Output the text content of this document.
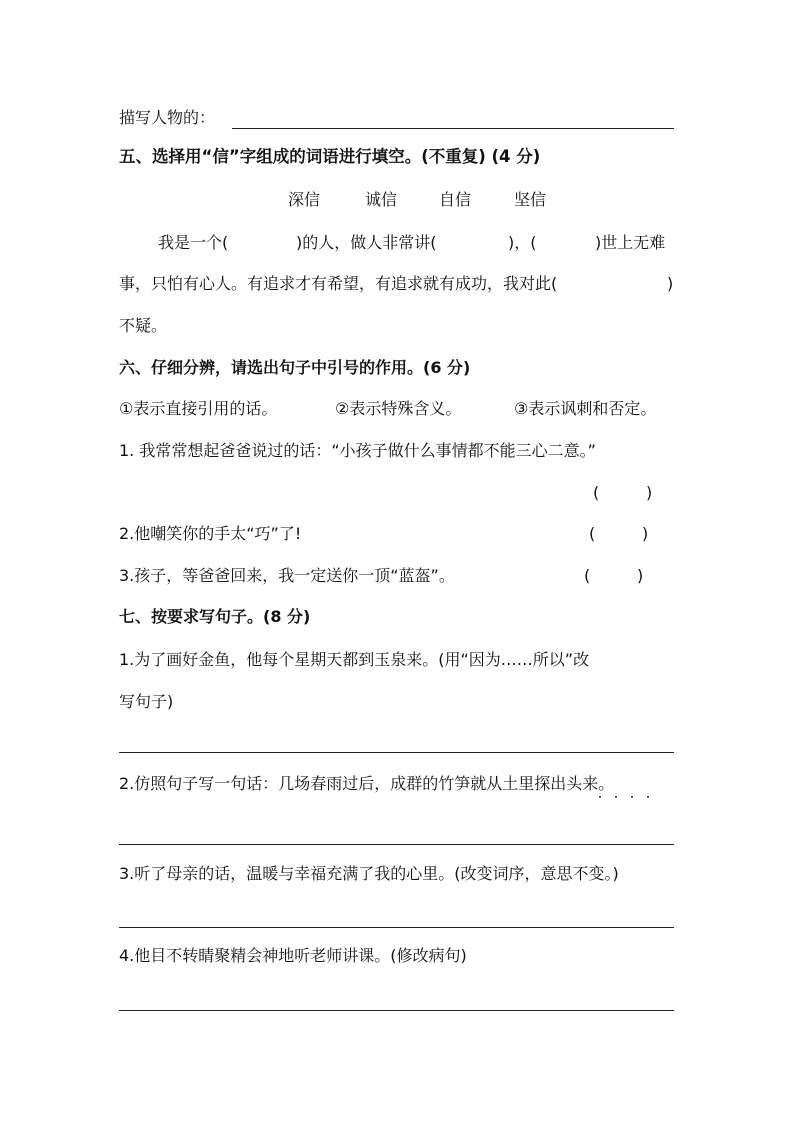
描写人物的：
五、选择用“信”字组成的词语进行填空。(不重复) (4 分)
深信	诚信	自信	坚信
我是一个(	)的人，做人非常讲(	)，(	)世上无难
事，只怕有心人。有追求才有希望，有追求就有成功，我对此(	)
不疑。
六、仔细分辨，请选出句子中引号的作用。(6 分)
①表示直接引用的话。	②表示特殊含义。	③表示讽刺和否定。
1. 我常常想起爸爸说过的话：“小孩子做什么事情都不能三心二意。”
(	)
2.他嘲笑你的手太“巧”了!	(	)
3.孩子，等爸爸回来，我一定送你一顶“蓝盔”。	(	)
七、按要求写句子。(8 分)
1.为了画好金鱼，他每个星期天都到玉泉来。(用“因为……所以”改
写句子)
2.仿照句子写一句话：几场春雨过后，成群的竹笋就从土里探出头来。
3.听了母亲的话，温暖与幸福充满了我的心里。(改变词序，意思不变。)
4.他目不转睛聚精会神地听老师讲课。(修改病句)
